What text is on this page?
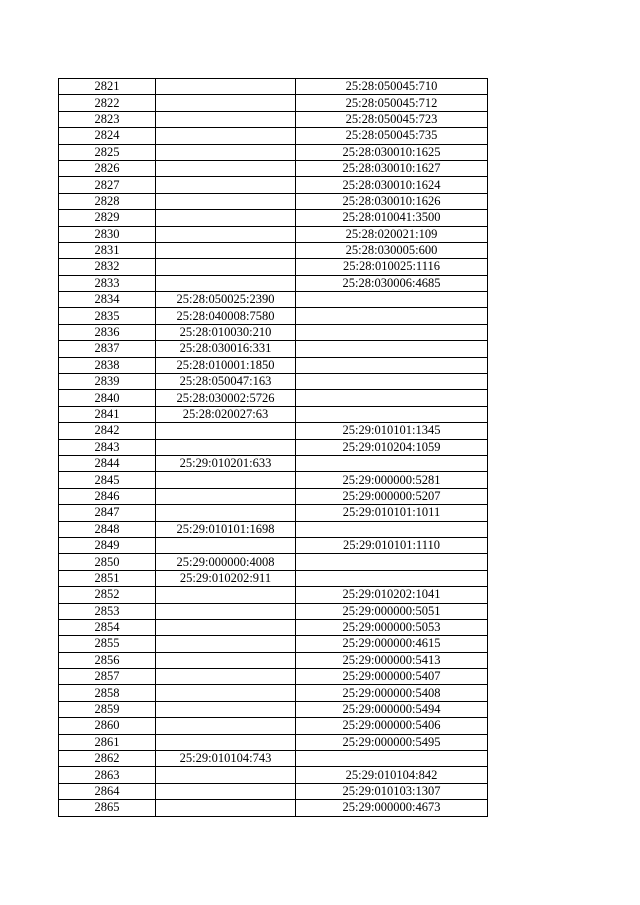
2821		25:28:050045:710
2822		25:28:050045:712
2823		25:28:050045:723
2824		25:28:050045:735
2825		25:28:030010:1625
2826		25:28:030010:1627
2827		25:28:030010:1624
2828		25:28:030010:1626
2829		25:28:010041:3500
2830		25:28:020021:109
2831		25:28:030005:600
2832		25:28:010025:1116
2833		25:28:030006:4685
2834	25:28:050025:2390	
2835	25:28:040008:7580	
2836	25:28:010030:210	
2837	25:28:030016:331	
2838	25:28:010001:1850	
2839	25:28:050047:163	
2840	25:28:030002:5726	
2841	25:28:020027:63	
2842		25:29:010101:1345
2843		25:29:010204:1059
2844	25:29:010201:633	
2845		25:29:000000:5281
2846		25:29:000000:5207
2847		25:29:010101:1011
2848	25:29:010101:1698	
2849		25:29:010101:1110
2850	25:29:000000:4008	
2851	25:29:010202:911	
2852		25:29:010202:1041
2853		25:29:000000:5051
2854		25:29:000000:5053
2855		25:29:000000:4615
2856		25:29:000000:5413
2857		25:29:000000:5407
2858		25:29:000000:5408
2859		25:29:000000:5494
2860		25:29:000000:5406
2861		25:29:000000:5495
2862	25:29:010104:743	
2863		25:29:010104:842
2864		25:29:010103:1307
2865		25:29:000000:4673
